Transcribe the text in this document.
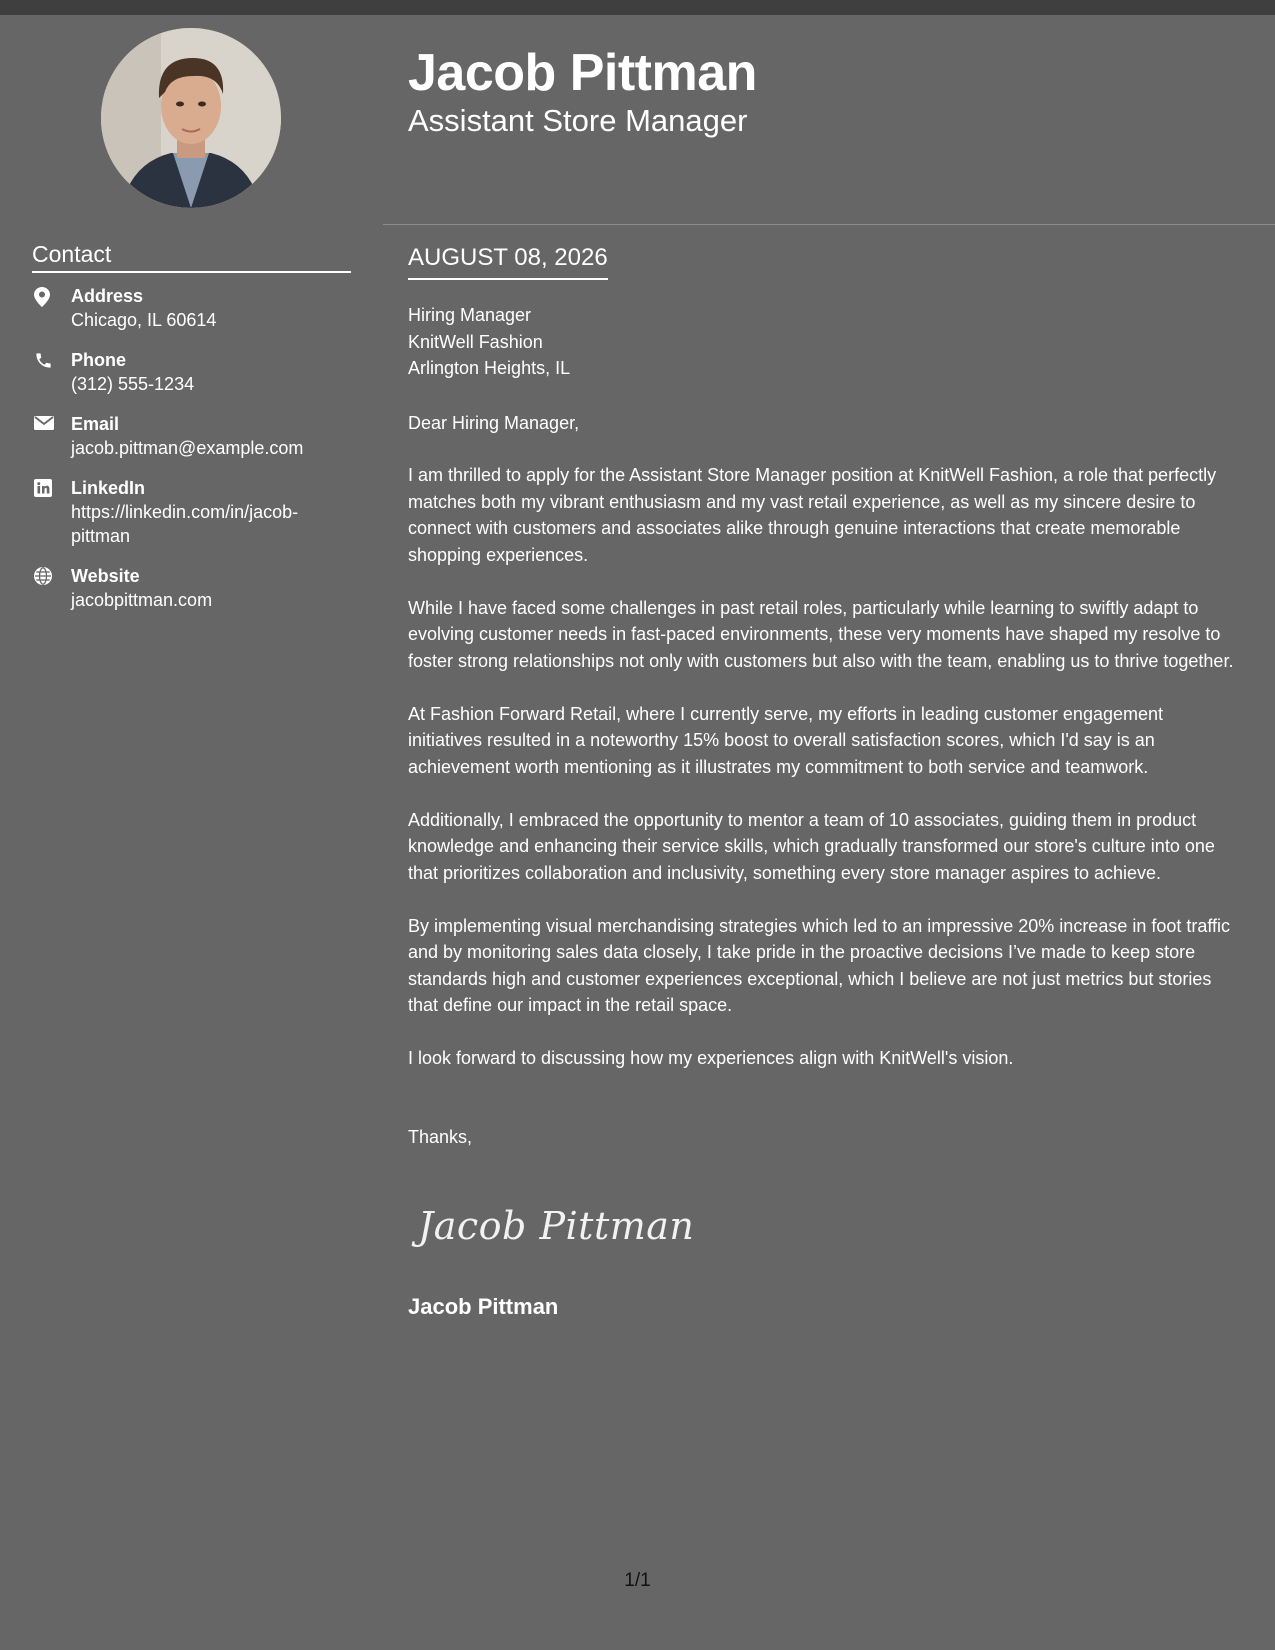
Jacob Pittman
Assistant Store Manager
Contact
Address
Chicago, IL 60614
Phone
(312) 555-1234
Email
jacob.pittman@example.com
LinkedIn
https://linkedin.com/in/jacob-pittman
Website
jacobpittman.com
AUGUST 08, 2026

Hiring Manager
KnitWell Fashion
Arlington Heights, IL

Dear Hiring Manager,

I am thrilled to apply for the Assistant Store Manager position at KnitWell Fashion, a role that perfectly matches both my vibrant enthusiasm and my vast retail experience, as well as my sincere desire to connect with customers and associates alike through genuine interactions that create memorable shopping experiences.

While I have faced some challenges in past retail roles, particularly while learning to swiftly adapt to evolving customer needs in fast-paced environments, these very moments have shaped my resolve to foster strong relationships not only with customers but also with the team, enabling us to thrive together.

At Fashion Forward Retail, where I currently serve, my efforts in leading customer engagement initiatives resulted in a noteworthy 15% boost to overall satisfaction scores, which I'd say is an achievement worth mentioning as it illustrates my commitment to both service and teamwork.

Additionally, I embraced the opportunity to mentor a team of 10 associates, guiding them in product knowledge and enhancing their service skills, which gradually transformed our store's culture into one that prioritizes collaboration and inclusivity, something every store manager aspires to achieve.

By implementing visual merchandising strategies which led to an impressive 20% increase in foot traffic and by monitoring sales data closely, I take pride in the proactive decisions I’ve made to keep store standards high and customer experiences exceptional, which I believe are not just metrics but stories that define our impact in the retail space.

I look forward to discussing how my experiences align with KnitWell's vision.

Thanks,

Jacob Pittman
Jacob Pittman
1/1
